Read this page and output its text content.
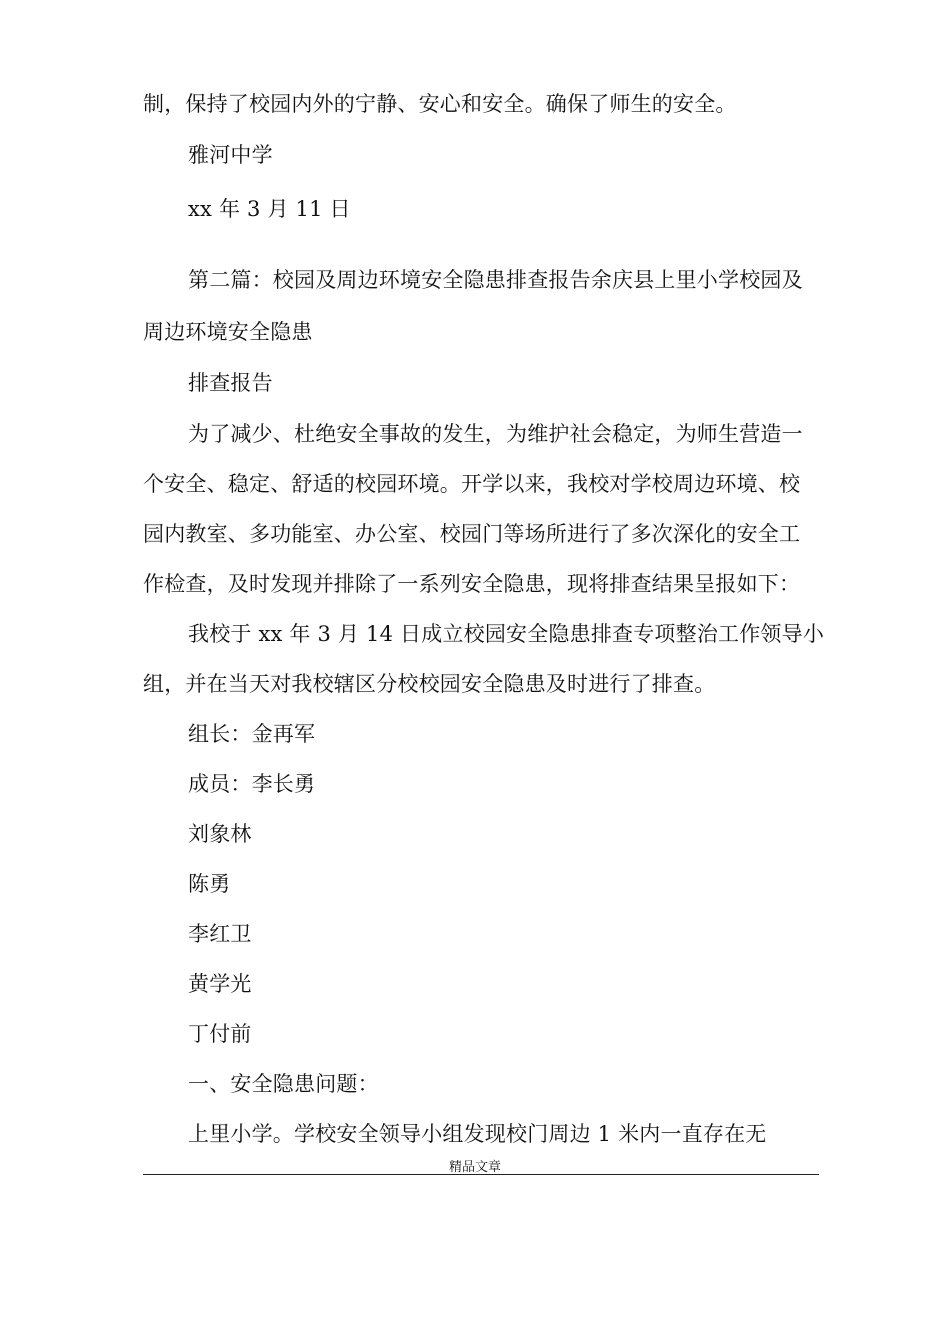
制，保持了校园内外的宁静、安心和安全。确保了师生的安全。
雅河中学
xx 年 3 月 11 日
第二篇：校园及周边环境安全隐患排查报告余庆县上里小学校园及
周边环境安全隐患
排查报告
为了减少、杜绝安全事故的发生，为维护社会稳定，为师生营造一
个安全、稳定、舒适的校园环境。开学以来，我校对学校周边环境、校
园内教室、多功能室、办公室、校园门等场所进行了多次深化的安全工
作检查，及时发现并排除了一系列安全隐患，现将排查结果呈报如下：
我校于 xx 年 3 月 14 日成立校园安全隐患排查专项整治工作领导小
组，并在当天对我校辖区分校校园安全隐患及时进行了排查。
组长：金再军
成员：李长勇
刘象林
陈勇
李红卫
黄学光
丁付前
一、安全隐患问题：
上里小学。学校安全领导小组发现校门周边 1 米内一直存在无
精品文章
